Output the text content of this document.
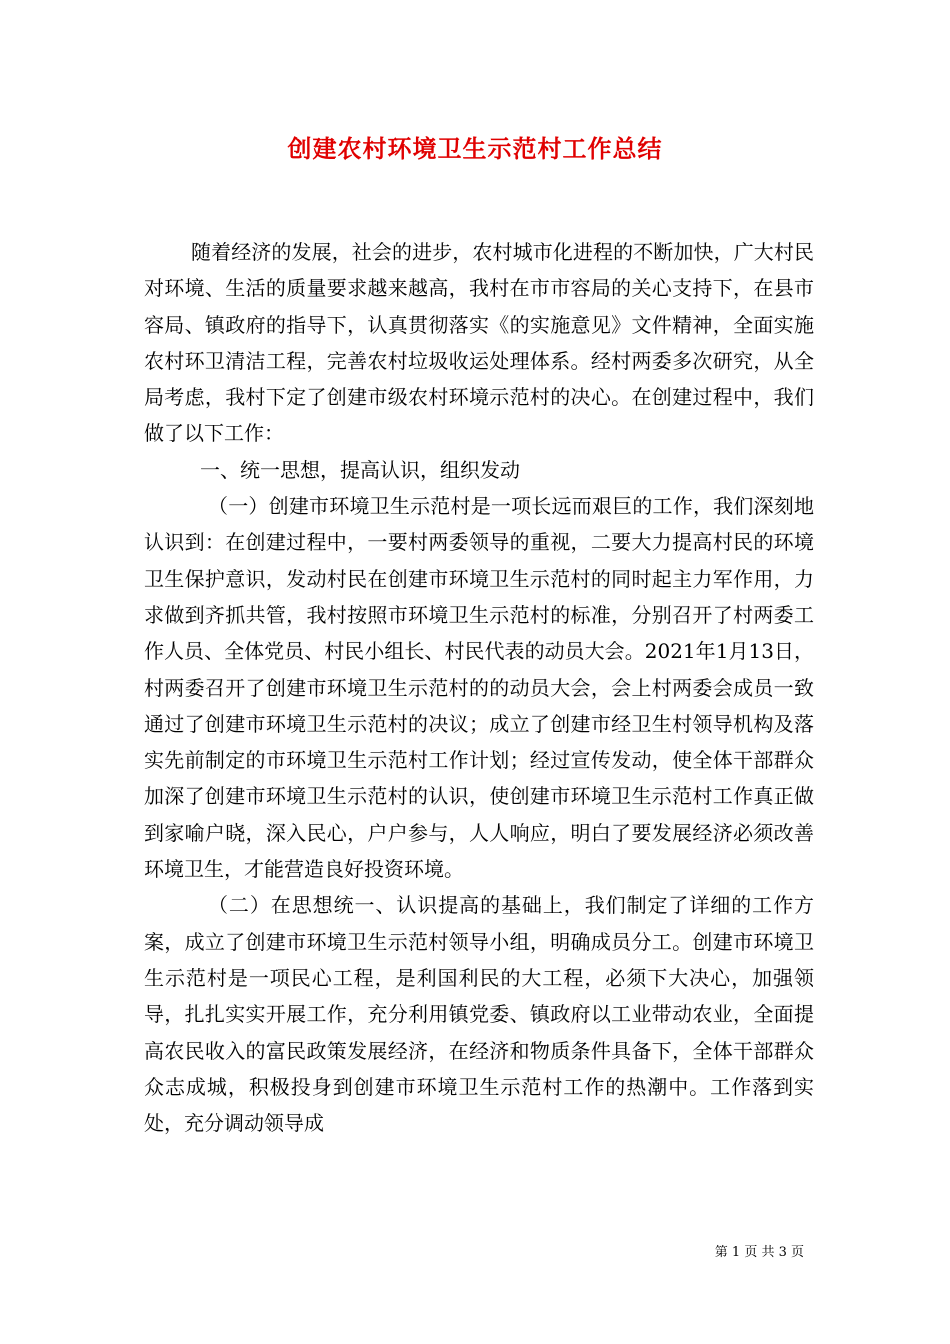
创建农村环境卫生示范村工作总结

随着经济的发展，社会的进步，农村城市化进程的不断加快，广大村民对环境、生活的质量要求越来越高，我村在市市容局的关心支持下，在县市容局、镇政府的指导下，认真贯彻落实《的实施意见》文件精神，全面实施农村环卫清洁工程，完善农村垃圾收运处理体系。经村两委多次研究，从全局考虑，我村下定了创建市级农村环境示范村的决心。在创建过程中，我们做了以下工作：

一、统一思想，提高认识，组织发动

（一）创建市环境卫生示范村是一项长远而艰巨的工作，我们深刻地认识到：在创建过程中，一要村两委领导的重视，二要大力提高村民的环境卫生保护意识，发动村民在创建市环境卫生示范村的同时起主力军作用，力求做到齐抓共管，我村按照市环境卫生示范村的标准，分别召开了村两委工作人员、全体党员、村民小组长、村民代表的动员大会。2021年1月13日，村两委召开了创建市环境卫生示范村的的动员大会，会上村两委会成员一致通过了创建市环境卫生示范村的决议；成立了创建市经卫生村领导机构及落实先前制定的市环境卫生示范村工作计划；经过宣传发动，使全体干部群众加深了创建市环境卫生示范村的认识，使创建市环境卫生示范村工作真正做到家喻户晓，深入民心，户户参与，人人响应，明白了要发展经济必须改善环境卫生，才能营造良好投资环境。

（二）在思想统一、认识提高的基础上，我们制定了详细的工作方案，成立了创建市环境卫生示范村领导小组，明确成员分工。创建市环境卫生示范村是一项民心工程，是利国利民的大工程，必须下大决心，加强领导，扎扎实实开展工作，充分利用镇党委、镇政府以工业带动农业，全面提高农民收入的富民政策发展经济，在经济和物质条件具备下，全体干部群众众志成城，积极投身到创建市环境卫生示范村工作的热潮中。工作落到实处，充分调动领导成

第 1 页 共 3 页
